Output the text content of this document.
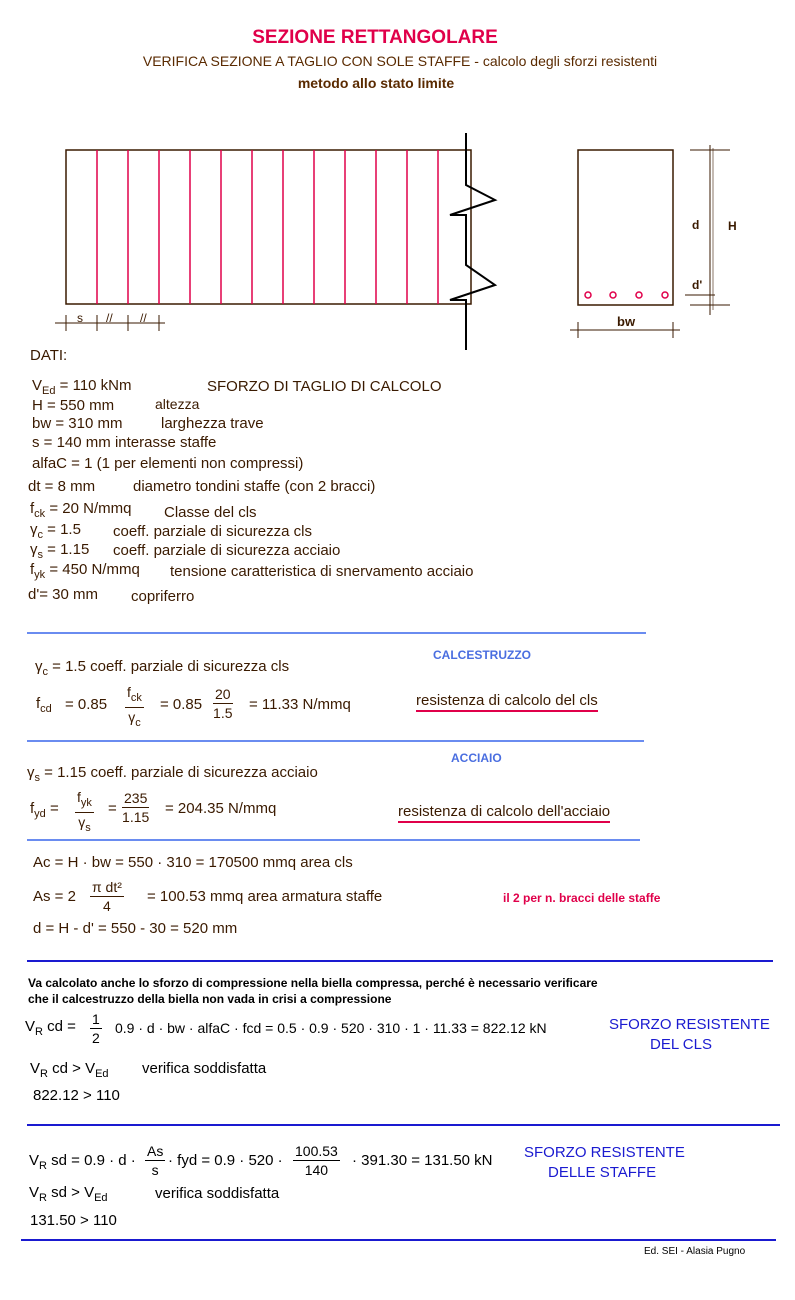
SEZIONE RETTANGOLARE
VERIFICA SEZIONE A TAGLIO CON SOLE STAFFE - calcolo degli sforzi resistenti
metodo allo stato limite
s // //
d H
d'
bw
DATI:
$V_{Ed} = 110$ kNm	SFORZO DI TAGLIO DI CALCOLO
H = 550 mm	altezza
bw = 310 mm	larghezza trave
s = 140 mm interasse staffe
alfaC = 1 (1 per elementi non compressi)
dt = 8 mm	diametro tondini staffe (con 2 bracci)
$f_{ck} = 20$ N/mmq Classe del cls
$\gamma_c = 1.5$ coeff. parziale di sicurezza cls
$\gamma_s = 1.15$ coeff. parziale di sicurezza acciaio
$f_{yk} = 450$ N/mmq tensione caratteristica di snervamento acciaio
d'= 30 mm copriferro
CALCESTRUZZO
$\gamma_c = 1.5$ coeff. parziale di sicurezza cls
$f_{cd} = 0.85$
$f_{ck}$
$\gamma_c$
= $0.85 \frac{20}{1.5} = 11.33$ N/mmq	resistenza di calcolo del cls
ACCIAIO
$\gamma_s = 1.15$ coeff. parziale di sicurezza acciaio
$f_{yd}$ =
$f_{yk}$
$\gamma_s$
= $\frac{235}{1.15} = 204.35$ N/mmq	resistenza di calcolo dell'acciaio
Ac = H · bw = 550 · 310 = 170500 mmq area cls
$As = 2 \frac{\text{π dt²}}{4} = 100.53$ mmq area armatura staffe	il 2 per n. bracci delle staffe
d = H - d' = 550 - 30 = 520 mm
Va calcolato anche lo sforzo di compressione nella biella compressa, perché è necessario verificare
che il calcestruzzo della biella non vada in crisi a compressione
$V_R$ cd = $\frac{1}{2} 0.9 \cdot d$ · bw · alfaC · fcd = 0.5 · 0.9 · 520 · 310 · 1 · 11.33 = 822.12 kN	SFORZO RESISTENTE
DEL CLS
$V_R$ cd > $V_{Ed}$ verifica soddisfatta
822.12 > 110
$V_R$ sd = $0.9 \cdot d \cdot \frac{As}{s}$ · fyd = $0.9 \cdot 520 \cdot \frac{100.53}{140} \cdot 391.30 = 131.50$ kN SFORZO RESISTENTE
DELLE STAFFE
$V_R$ sd > $V_{Ed}$	verifica soddisfatta
131.50 > 110
Ed. SEI - Alasia Pugno
